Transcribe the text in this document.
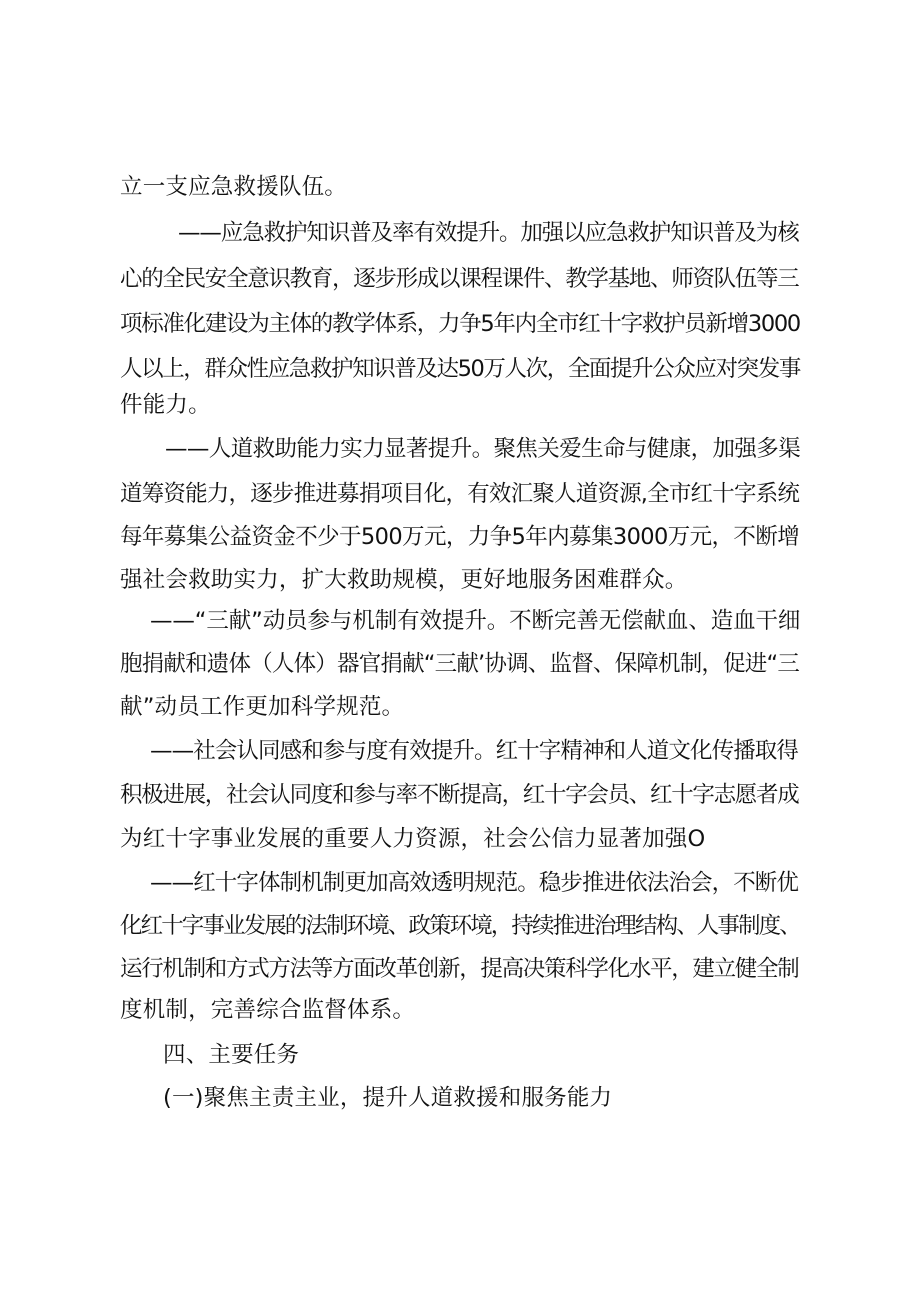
立一支应急救援队伍。
——应急救护知识普及率有效提升。加强以应急救护知识普及为核
心的全民安全意识教育，逐步形成以课程课件、教学基地、师资队伍等三
项标准化建设为主体的教学体系，力争5年内全市红十字救护员新增3000
人以上，群众性应急救护知识普及达50万人次，全面提升公众应对突发事
件能力。
——人道救助能力实力显著提升。聚焦关爱生命与健康，加强多渠
道筹资能力，逐步推进募捐项目化，有效汇聚人道资源,全市红十字系统
每年募集公益资金不少于500万元，力争5年内募集3000万元，不断增
强社会救助实力，扩大救助规模，更好地服务困难群众。
——“三献”动员参与机制有效提升。不断完善无偿献血、造血干细
胞捐献和遗体（人体）器官捐献“三献’协调、监督、保障机制，促进“三
献”动员工作更加科学规范。
——社会认同感和参与度有效提升。红十字精神和人道文化传播取得
积极进展，社会认同度和参与率不断提高，红十字会员、红十字志愿者成
为红十字事业发展的重要人力资源，社会公信力显著加强O
——红十字体制机制更加高效透明规范。稳步推进依法治会，不断优
化红十字事业发展的法制环境、政策环境，持续推进治理结构、人事制度、
运行机制和方式方法等方面改革创新，提高决策科学化水平，建立健全制
度机制，完善综合监督体系。
四、主要任务
(一)聚焦主责主业，提升人道救援和服务能力
